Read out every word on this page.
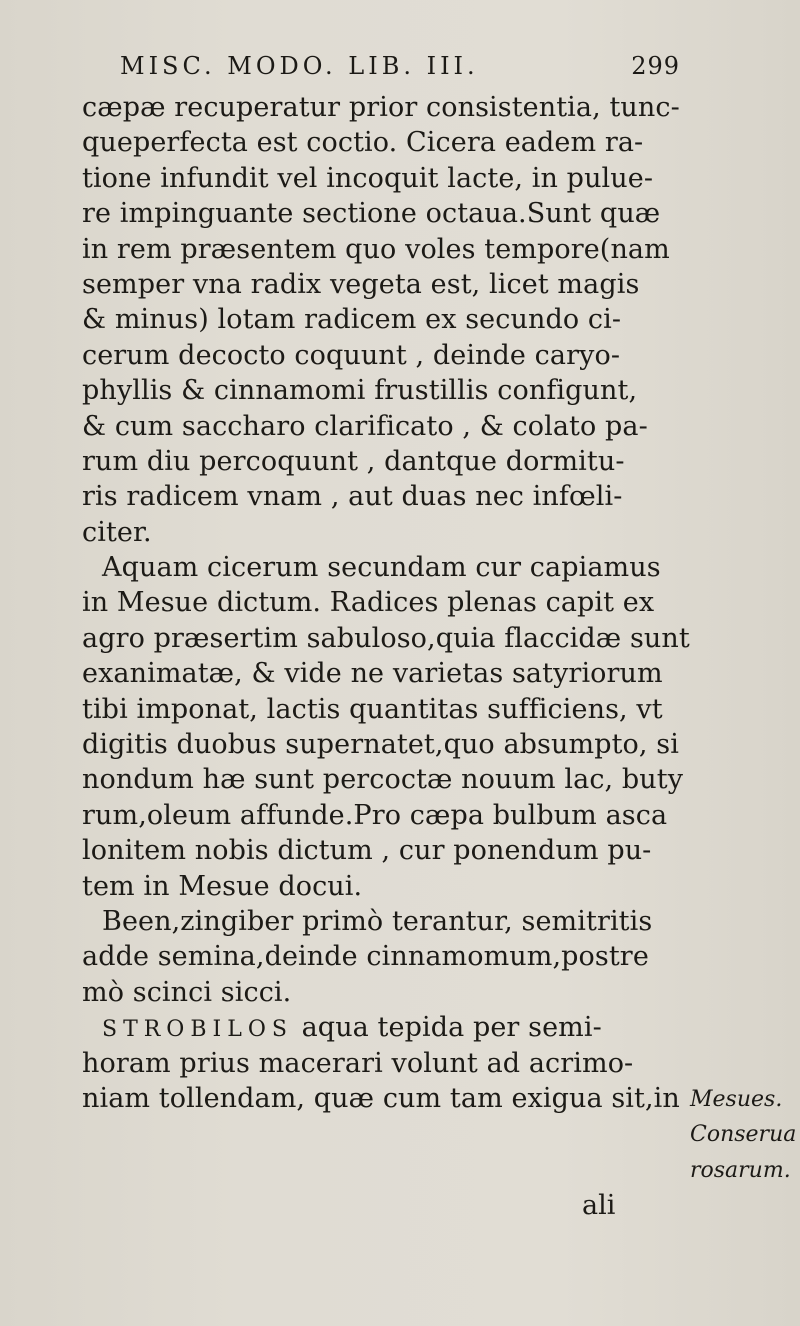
MISC. MODO. LIB. III.	299
cæpæ recuperatur prior consistentia, tunc-
queperfecta est coctio. Cicera eadem ra-
tione infundit vel incoquit lacte, in pulue-
re impinguante sectione octaua.Sunt quæ
in rem præsentem quo voles tempore(nam
semper vna radix vegeta est, licet magis
& minus) lotam radicem ex secundo ci-
cerum decocto coquunt , deinde caryo-
phyllis & cinnamomi frustillis configunt,
& cum saccharo clarificato , & colato pa-
rum diu percoquunt , dantque dormitu-
ris radicem vnam , aut duas nec infœli-
citer.
Aquam cicerum secundam cur capiamus
in Mesue dictum. Radices plenas capit ex
agro præsertim sabuloso,quia flaccidæ sunt
exanimatæ, & vide ne varietas satyriorum
tibi imponat, lactis quantitas sufficiens, vt
digitis duobus supernatet,quo absumpto, si
nondum hæ sunt percoctæ nouum lac, buty
rum,oleum affunde.Pro cæpa bulbum asca
lonitem nobis dictum , cur ponendum pu-
tem in Mesue docui.
Been,zingiber primò terantur, semitritis
adde semina,deinde cinnamomum,postre
mò scinci sicci.
STROBILOS aqua tepida per semi-
horam prius macerari volunt ad acrimo-
niam tollendam, quæ cum tam exigua sit,in Mesues.
Conserua
rosarum.
ali
